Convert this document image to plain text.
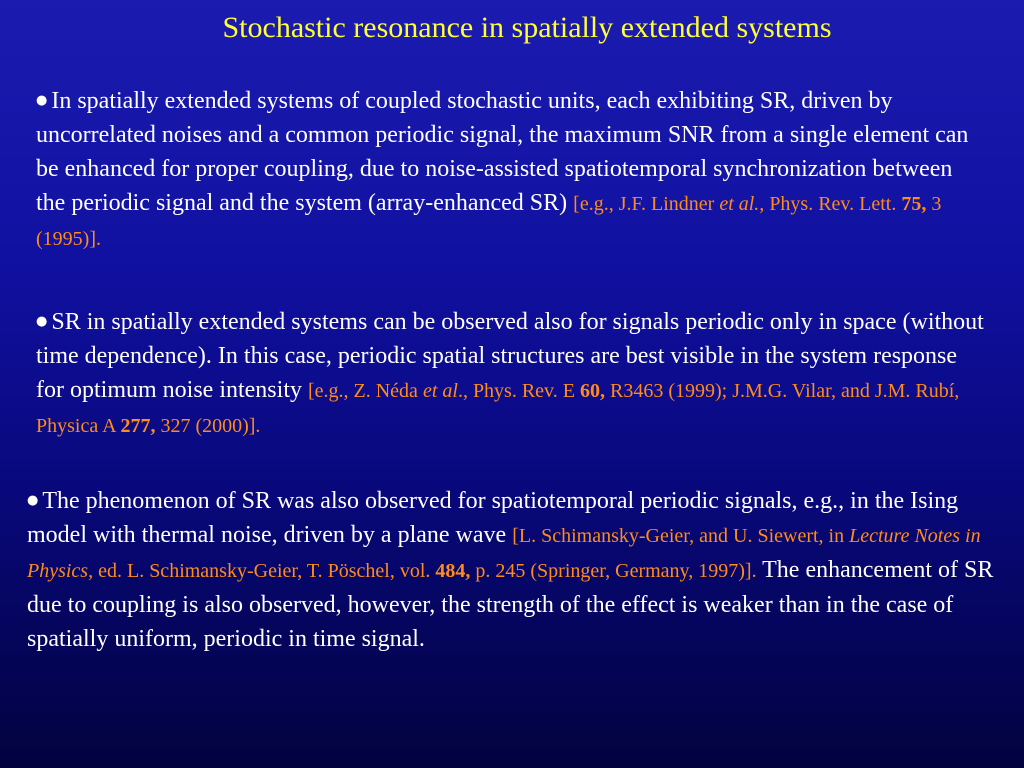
Stochastic resonance in spatially extended systems
● In spatially extended systems of coupled stochastic units, each exhibiting SR, driven by uncorrelated noises and a common periodic signal, the maximum SNR from a single element can be enhanced for proper coupling, due to noise-assisted spatiotemporal synchronization between the periodic signal and the system (array-enhanced SR) [e.g., J.F. Lindner et al., Phys. Rev. Lett. 75, 3 (1995)].
● SR in spatially extended systems can be observed also for signals periodic only in space (without time dependence). In this case, periodic spatial structures are best visible in the system response for optimum noise intensity [e.g., Z. Néda et al., Phys. Rev. E 60, R3463 (1999); J.M.G. Vilar, and J.M. Rubí, Physica A 277, 327 (2000)].
● The phenomenon of SR was also observed for spatiotemporal periodic signals, e.g., in the Ising model with thermal noise, driven by a plane wave [L. Schimansky-Geier, and U. Siewert, in Lecture Notes in Physics, ed. L. Schimansky-Geier, T. Pöschel, vol. 484, p. 245 (Springer, Germany, 1997)]. The enhancement of SR due to coupling is also observed, however, the strength of the effect is weaker than in the case of spatially uniform, periodic in time signal.
